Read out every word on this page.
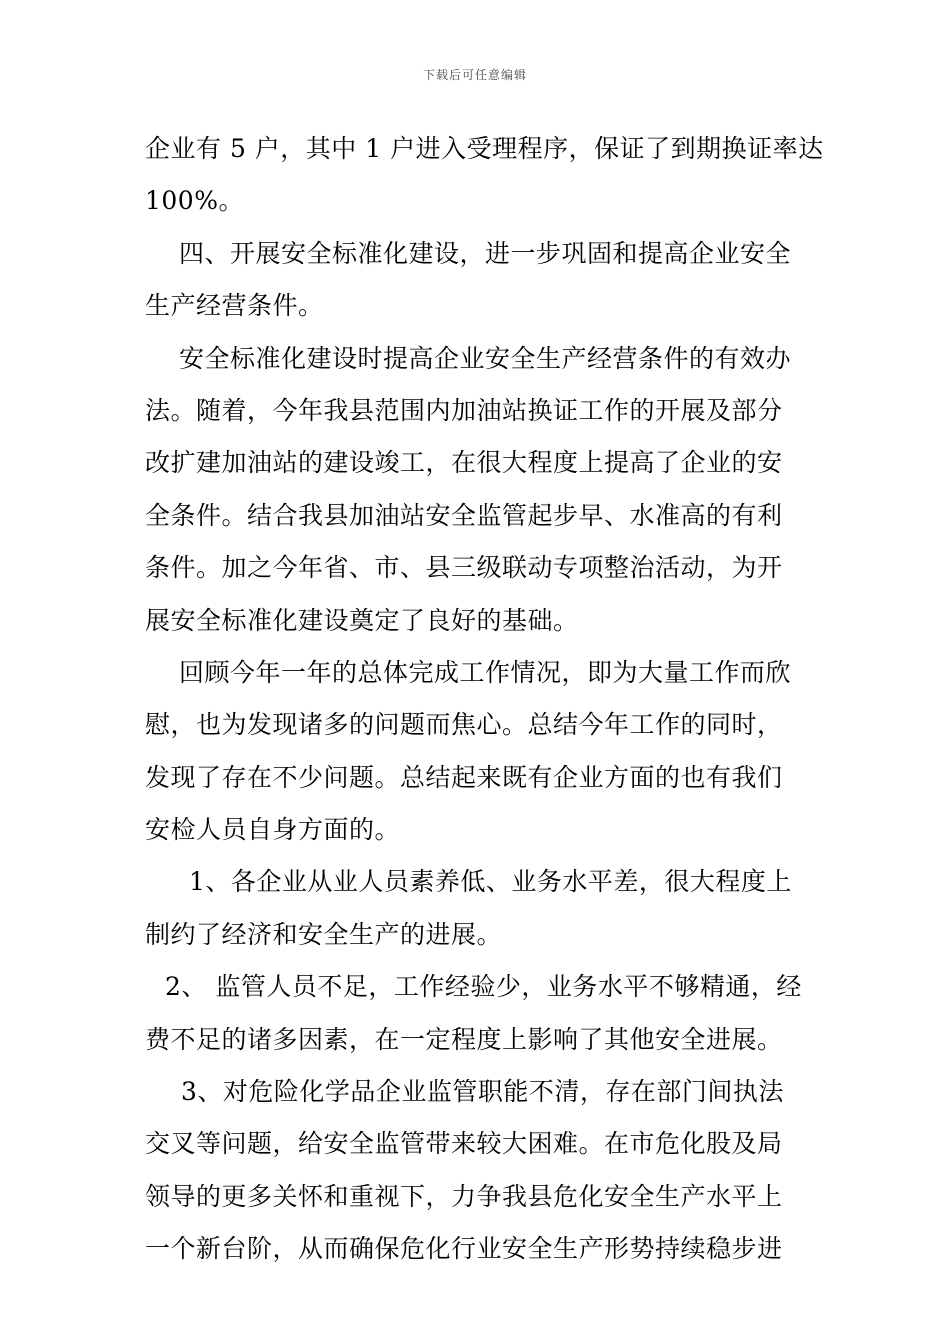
下载后可任意编辑
企业有 5 户，其中 1 户进入受理程序，保证了到期换证率达
100%。
四、开展安全标准化建设，进一步巩固和提高企业安全
生产经营条件。
安全标准化建设时提高企业安全生产经营条件的有效办
法。随着，今年我县范围内加油站换证工作的开展及部分
改扩建加油站的建设竣工，在很大程度上提高了企业的安
全条件。结合我县加油站安全监管起步早、水准高的有利
条件。加之今年省、市、县三级联动专项整治活动，为开
展安全标准化建设奠定了良好的基础。
回顾今年一年的总体完成工作情况，即为大量工作而欣
慰，也为发现诸多的问题而焦心。总结今年工作的同时，
发现了存在不少问题。总结起来既有企业方面的也有我们
安检人员自身方面的。
1、各企业从业人员素养低、业务水平差，很大程度上
制约了经济和安全生产的进展。
2、 监管人员不足，工作经验少，业务水平不够精通，经
费不足的诸多因素，在一定程度上影响了其他安全进展。
3、对危险化学品企业监管职能不清，存在部门间执法
交叉等问题，给安全监管带来较大困难。在市危化股及局
领导的更多关怀和重视下，力争我县危化安全生产水平上
一个新台阶，从而确保危化行业安全生产形势持续稳步进
